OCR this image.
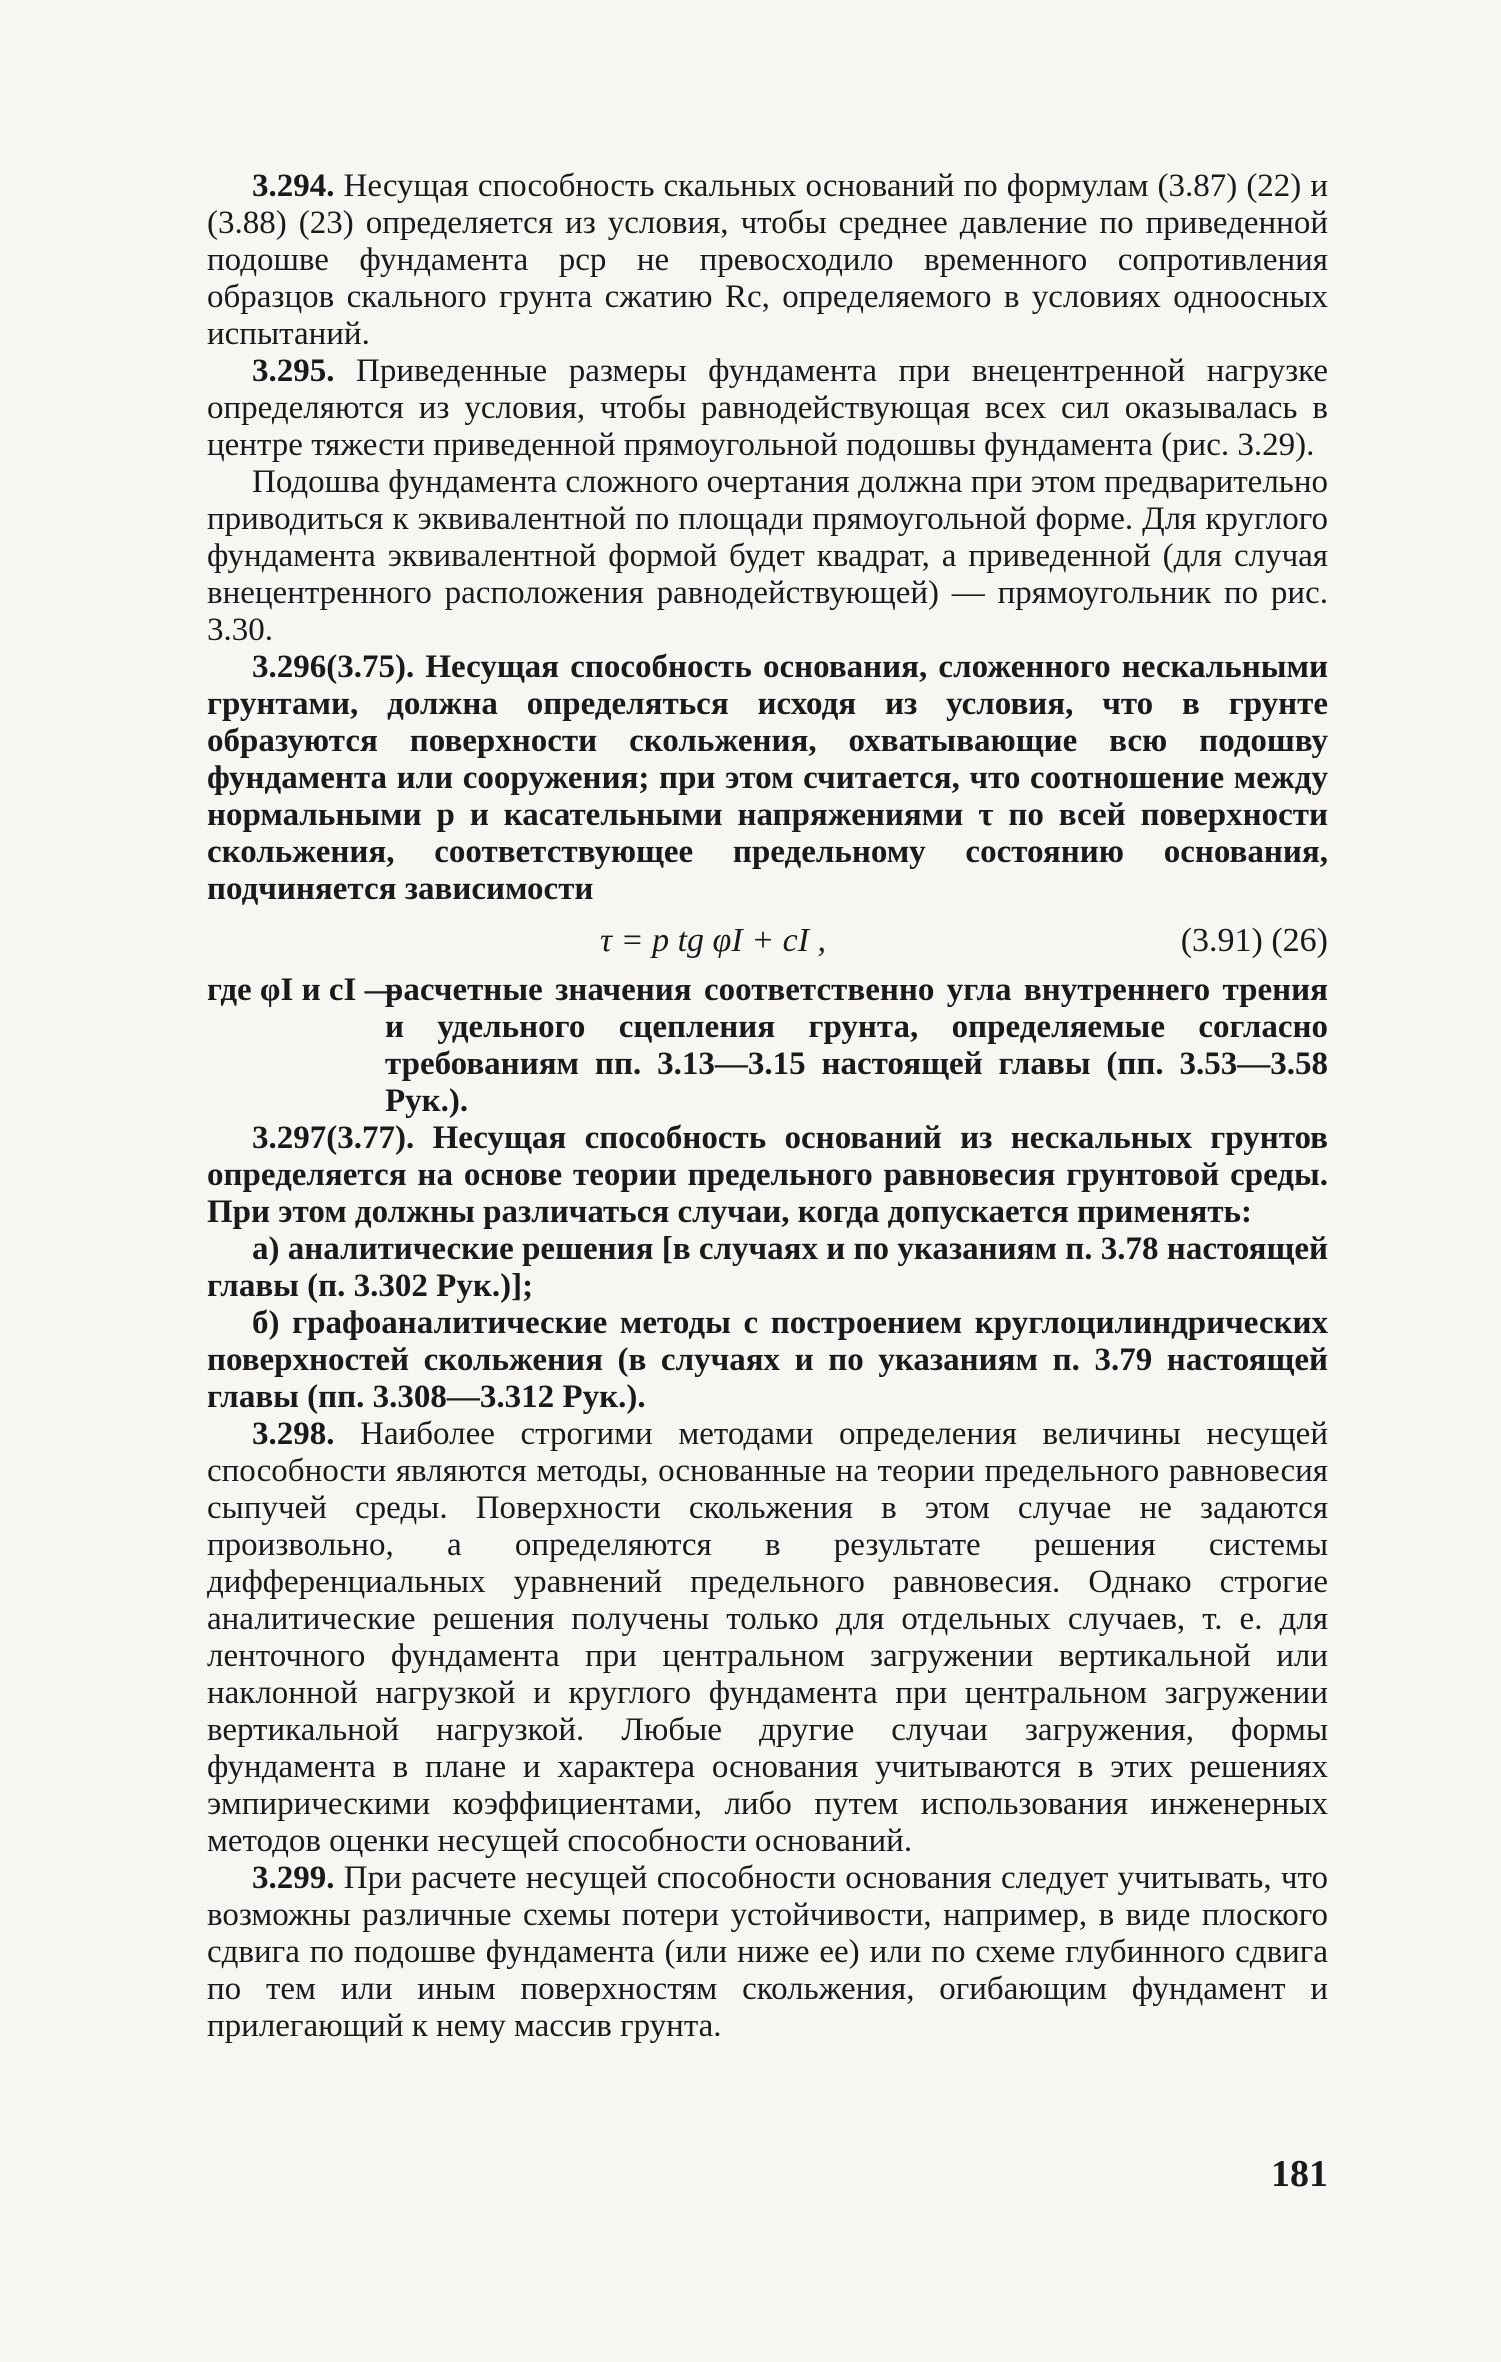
3.294. Несущая способность скальных оснований по формулам (3.87) (22) и (3.88) (23) определяется из условия, чтобы среднее давление по приведенной подошве фундамента pср не превосходило временного сопротивления образцов скального грунта сжатию Rс, определяемого в условиях одноосных испытаний.

3.295. Приведенные размеры фундамента при внецентренной нагрузке определяются из условия, чтобы равнодействующая всех сил оказывалась в центре тяжести приведенной прямоугольной подошвы фундамента (рис. 3.29).

Подошва фундамента сложного очертания должна при этом предварительно приводиться к эквивалентной по площади прямоугольной форме. Для круглого фундамента эквивалентной формой будет квадрат, а приведенной (для случая внецентренного расположения равнодействующей) — прямоугольник по рис. 3.30.

3.296(3.75). Несущая способность основания, сложенного нескальными грунтами, должна определяться исходя из условия, что в грунте образуются поверхности скольжения, охватывающие всю подошву фундамента или сооружения; при этом считается, что соотношение между нормальными p и касательными напряжениями τ по всей поверхности скольжения, соответствующее предельному состоянию основания, подчиняется зависимости

τ = p tg φI + cI ,	(3.91) (26)
где φI и cI —
расчетные значения соответственно угла внутреннего трения и удельного сцепления грунта, определяемые согласно требованиям пп. 3.13—3.15 настоящей главы (пп. 3.53—3.58 Рук.).

3.297(3.77). Несущая способность оснований из нескальных грунтов определяется на основе теории предельного равновесия грунтовой среды. При этом должны различаться случаи, когда допускается применять:

а) аналитические решения [в случаях и по указаниям п. 3.78 настоящей главы (п. 3.302 Рук.)];

б) графоаналитические методы с построением круглоцилиндрических поверхностей скольжения (в случаях и по указаниям п. 3.79 настоящей главы (пп. 3.308—3.312 Рук.).

3.298. Наиболее строгими методами определения величины несущей способности являются методы, основанные на теории предельного равновесия сыпучей среды. Поверхности скольжения в этом случае не задаются произвольно, а определяются в результате решения системы дифференциальных уравнений предельного равновесия. Однако строгие аналитические решения получены только для отдельных случаев, т. е. для ленточного фундамента при центральном загружении вертикальной или наклонной нагрузкой и круглого фундамента при центральном загружении вертикальной нагрузкой. Любые другие случаи загружения, формы фундамента в плане и характера основания учитываются в этих решениях эмпирическими коэффициентами, либо путем использования инженерных методов оценки несущей способности оснований.

3.299. При расчете несущей способности основания следует учитывать, что возможны различные схемы потери устойчивости, например, в виде плоского сдвига по подошве фундамента (или ниже ее) или по схеме глубинного сдвига по тем или иным поверхностям скольжения, огибающим фундамент и прилегающий к нему массив грунта.

181
